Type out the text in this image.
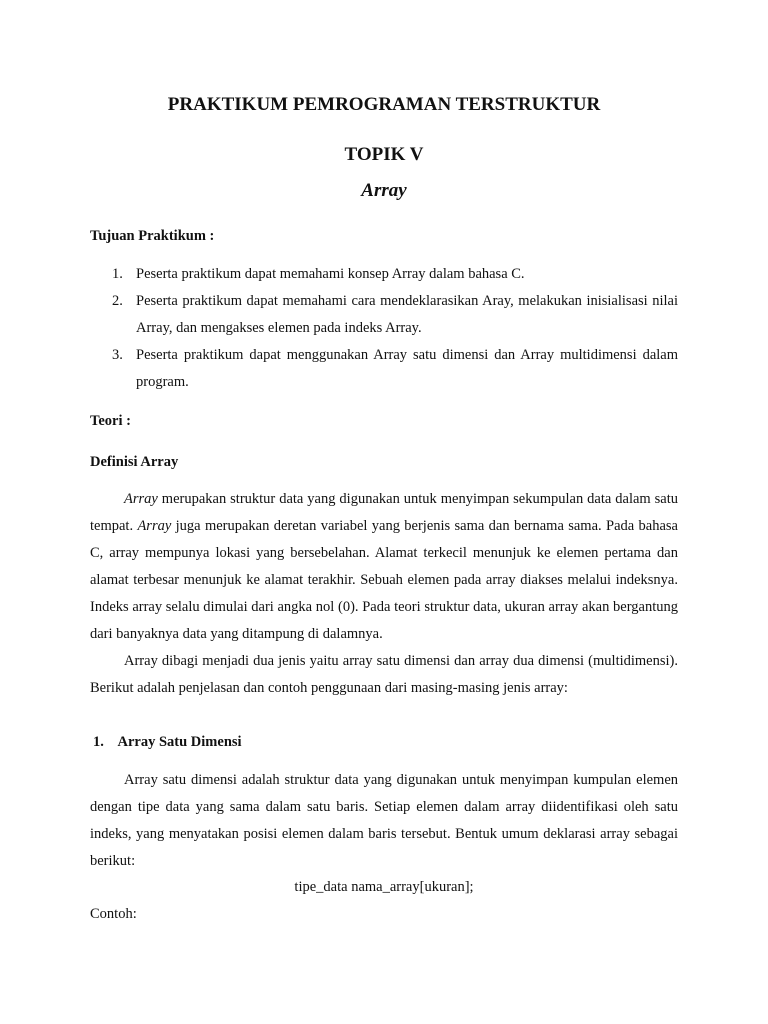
PRAKTIKUM PEMROGRAMAN TERSTRUKTUR
TOPIK V
Array
Tujuan Praktikum :
1. Peserta praktikum dapat memahami konsep Array dalam bahasa C.
2. Peserta praktikum dapat memahami cara mendeklarasikan Aray, melakukan inisialisasi nilai Array, dan mengakses elemen pada indeks Array.
3. Peserta praktikum dapat menggunakan Array satu dimensi dan Array multidimensi dalam program.
Teori :
Definisi Array

Array merupakan struktur data yang digunakan untuk menyimpan sekumpulan data dalam satu tempat. Array juga merupakan deretan variabel yang berjenis sama dan bernama sama. Pada bahasa C, array mempunya lokasi yang bersebelahan. Alamat terkecil menunjuk ke elemen pertama dan alamat terbesar menunjuk ke alamat terakhir. Sebuah elemen pada array diakses melalui indeksnya. Indeks array selalu dimulai dari angka nol (0). Pada teori struktur data, ukuran array akan bergantung dari banyaknya data yang ditampung di dalamnya.

Array dibagi menjadi dua jenis yaitu array satu dimensi dan array dua dimensi (multidimensi). Berikut adalah penjelasan dan contoh penggunaan dari masing-masing jenis array:

1. Array Satu Dimensi

Array satu dimensi adalah struktur data yang digunakan untuk menyimpan kumpulan elemen dengan tipe data yang sama dalam satu baris. Setiap elemen dalam array diidentifikasi oleh satu indeks, yang menyatakan posisi elemen dalam baris tersebut. Bentuk umum deklarasi array sebagai berikut:

tipe_data nama_array[ukuran];
Contoh:
